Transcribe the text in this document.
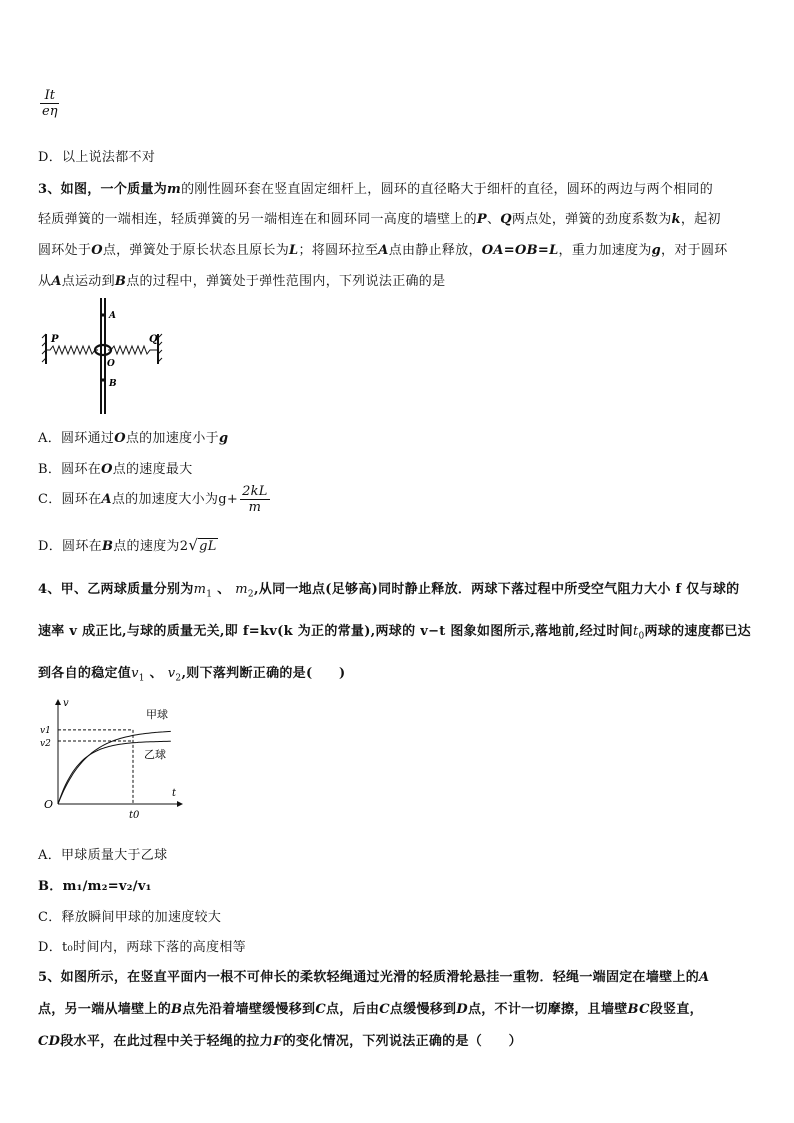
$\frac{It}{e\eta}$
D．以上说法都不对
3、如图，一个质量为m的刚性圆环套在竖直固定细杆上，圆环的直径略大于细杆的直径，圆环的两边与两个相同的
轻质弹簧的一端相连，轻质弹簧的另一端相连在和圆环同一高度的墙壁上的P、Q两点处，弹簧的劲度系数为k，起初
圆环处于O点，弹簧处于原长状态且原长为L；将圆环拉至A点由静止释放，OA=OB=L，重力加速度为g，对于圆环
从A点运动到B点的过程中，弹簧处于弹性范围内，下列说法正确的是
P	Q
A
O
B
A．圆环通过O点的加速度小于g
B．圆环在O点的速度最大
C．圆环在A点的加速度大小为$g+ \frac{2kL}{m}$
D．圆环在B点的速度为2√gL
4、甲、乙两球质量分别为$m_1$ 、 $m_2$,从同一地点(足够高)同时静止释放．两球下落过程中所受空气阻力大小 f 仅与球的
速率 v 成正比,与球的质量无关,即 f=kv(k 为正的常量),两球的 v−t 图象如图所示,落地前,经过时间$t_0$两球的速度都已达
到各自的稳定值$v_1$ 、 $v_2$,则下落判断正确的是(　　)
v
t
O
t0
v1
甲球
v2
乙球
A．甲球质量大于乙球
B．m₁/m₂=v₂/v₁
C．释放瞬间甲球的加速度较大
D．t₀时间内，两球下落的高度相等
5、如图所示，在竖直平面内一根不可伸长的柔软轻绳通过光滑的轻质滑轮悬挂一重物．轻绳一端固定在墙壁上的A
点，另一端从墙壁上的B点先沿着墙壁缓慢移到C点，后由C点缓慢移到D点，不计一切摩擦，且墙壁BC段竖直，
CD段水平，在此过程中关于轻绳的拉力F的变化情况，下列说法正确的是（　　）
